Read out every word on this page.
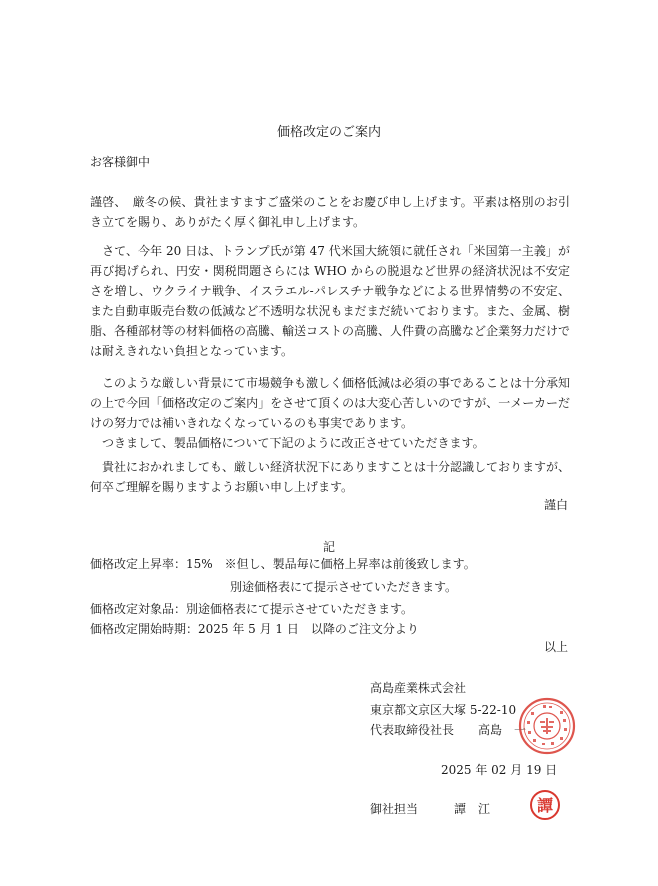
価格改定のご案内
お客様御中
謹啓、　厳冬の候、貴社ますますご盛栄のことをお慶び申し上げます。平素は格別のお引き立てを賜り、ありがたく厚く御礼申し上げます。
　さて、今年 20 日は、トランプ氏が第 47 代米国大統領に就任され「米国第一主義」が再び掲げられ、円安・関税問題さらには WHO からの脱退など世界の経済状況は不安定さを増し、ウクライナ戦争、イスラエル-パレスチナ戦争などによる世界情勢の不安定、また自動車販売台数の低減など不透明な状況もまだまだ続いております。また、金属、樹脂、各種部材等の材料価格の高騰、輸送コストの高騰、人件費の高騰など企業努力だけでは耐えきれない負担となっています。
　このような厳しい背景にて市場競争も激しく価格低減は必須の事であることは十分承知の上で今回「価格改定のご案内」をさせて頂くのは大変心苦しいのですが、一メーカーだけの努力では補いきれなくなっているのも事実であります。
　つきまして、製品価格について下記のように改正させていただきます。
　貴社におかれましても、厳しい経済状況下にありますことは十分認識しておりますが、何卒ご理解を賜りますようお願い申し上げます。
謹白
記
価格改定上昇率：15%　※但し、製品毎に価格上昇率は前後致します。
別途価格表にて提示させていただきます。
価格改定対象品：別途価格表にて提示させていただきます。
価格改定開始時期：2025 年 5 月 1 日　以降のご注文分より
以上
高島産業株式会社
東京都文京区大塚 5-22-10
代表取締役社長　　高島　一
2025 年 02 月 19 日
御社担当　　　譚　江	譚
